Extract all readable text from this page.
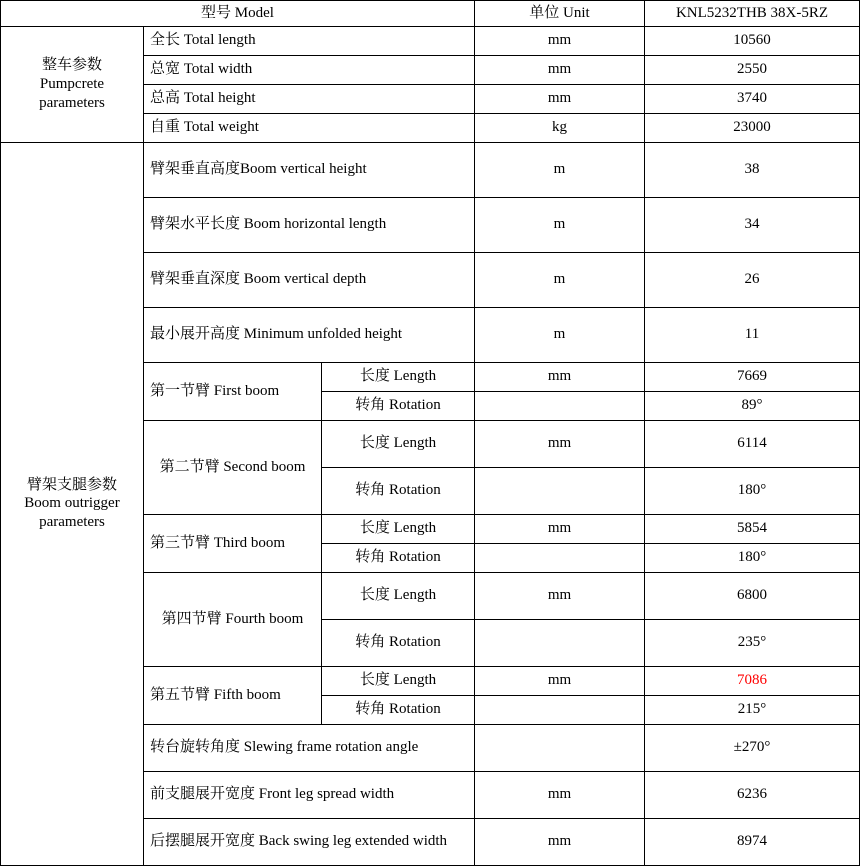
型号 Model			单位 Unit	KNL5232THB 38X-5RZ

整车参数
Pumpcrete
parameters	全长 Total length		mm	10560
	总宽 Total width		mm	2550
	总高 Total height		mm	3740
	自重 Total weight		kg	23000

臂架支腿参数
Boom outrigger
parameters	臂架垂直高度Boom vertical height		m	38
	臂架水平长度 Boom horizontal length		m	34
	臂架垂直深度 Boom vertical depth		m	26
	最小展开高度 Minimum unfolded height		m	11
	第一节臂 First boom	长度 Length	mm	7669
		转角 Rotation		89°
	第二节臂 Second boom	长度 Length	mm	6114
		转角 Rotation		180°
	第三节臂 Third boom	长度 Length	mm	5854
		转角 Rotation		180°
	第四节臂 Fourth boom	长度 Length	mm	6800
		转角 Rotation		235°
	第五节臂 Fifth boom	长度 Length	mm	7086
		转角 Rotation		215°
	转台旋转角度 Slewing frame rotation angle			±270°
	前支腿展开宽度 Front leg spread width		mm	6236
	后摆腿展开宽度 Back swing leg extended width		mm	8974
